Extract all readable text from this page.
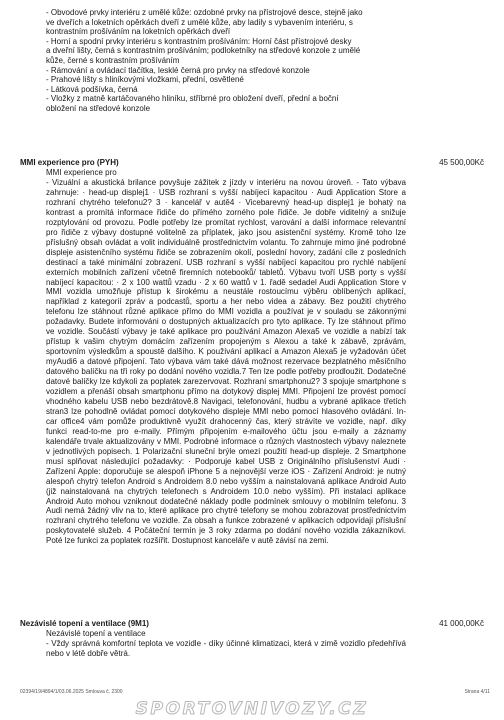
- Obvodové prvky interiéru z umělé kůže: ozdobné prvky na přístrojové desce, stejně jako
ve dveřích a loketních opěrkách dveří z umělé kůže, aby ladily s vybavením interiéru, s
kontrastním prošíváním na loketních opěrkách dveří
- Horní a spodní prvky interiéru s kontrastním prošíváním: Horní část přístrojové desky
a dveřní lišty, černá s kontrastním prošíváním; podloketníky na středové konzole z umělé
kůže, černé s kontrastním prošíváním
- Rámování a ovládací tlačítka, lesklé černá pro prvky na středové konzole
- Prahové lišty s hliníkovými vložkami, přední, osvětlené
- Látková podšívka, černá
- Vložky z matně kartáčovaného hliníku, stříbrné pro obložení dveří, přední a boční
obložení na středové konzole
MMI experience pro (PYH)	45 500,00Kč
MMI experience pro
- Vizuální a akustická brilance povyšuje zážitek z jízdy v interiéru na novou úroveň. - Tato výbava zahrnuje: · head-up displej1 · USB rozhraní s vyšší nabíjecí kapacitou · Audi Application Store a rozhraní chytrého telefonu2? 3 · kancelář v autě4 · Vicebarevný head-up displej1 je bohatý na kontrast a promítá informace řidiče do přímého zorného pole řidiče. Je dobře viditelný a snižuje rozptylování od provozu. Podle potřeby lze promítat rychlost, varování a další informace relevantní pro řidiče z výbavy dostupné volitelně za příplatek, jako jsou asistenční systémy. Kromě toho lze příslušný obsah ovládat a volit individuálně prostřednictvím volantu. To zahrnuje mimo jiné podrobné displeje asistenčního systému řidiče se zobrazením okolí, poslední hovory, zadání cíle z posledních destinací a také minimální zobrazení. USB rozhraní s vyšší nabíjecí kapacitou pro rychlé nabíjení externích mobilních zařízení včetně firemních notebooků/ tabletů. Výbavu tvoří USB porty s vyšší nabíjecí kapacitou: · 2 x 100 wattů vzadu · 2 x 60 wattů v 1. řadě sedadel Audi Application Store v MMI vozidla umožňuje přístup k širokému a neustále rostoucímu výběru oblíbených aplikací, například z kategorií zpráv a podcastů, sportu a her nebo videa a zábavy. Bez použití chytrého telefonu lze stáhnout různé aplikace přímo do MMI vozidla a používat je v souladu se zákonnými požadavky. Budete informováni o dostupných aktualizacích pro tyto aplikace. Ty lze stáhnout přímo ve vozidle. Součástí výbavy je také aplikace pro používání Amazon Alexa5 ve vozidle a nabízí tak přístup k vašim chytrým domácím zařízením propojeným s Alexou a také k zábavě, zprávám, sportovním výsledkům a spoustě dalšího. K používání aplikací a Amazon Alexa5 je vyžadován účet myAudi6 a datové připojení. Tato výbava vám také dává možnost rezervace bezplatného měsíčního datového balíčku na tři roky po dodání nového vozidla.7 Ten lze podle potřeby prodloužit. Dodatečné datové balíčky lze kdykoli za poplatek zarezervovat. Rozhraní smartphonu2? 3 spojuje smartphone s vozidlem a přenáší obsah smartphonu přímo na dotykový displej MMI. Připojení lze provést pomocí vhodného kabelu USB nebo bezdrátově.8 Navigaci, telefonování, hudbu a vybrané aplikace třetích stran3 lze pohodlně ovládat pomocí dotykového displeje MMI nebo pomocí hlasového ovládání. In-car office4 vám pomůže produktivně využít drahocenný čas, který strávíte ve vozidle, např. díky funkci read-to-me pro e-maily. Přímým připojením e-mailového účtu jsou e-maily a záznamy kalendáře trvale aktualizovány v MMI. Podrobné informace o různých vlastnostech výbavy naleznete v jednotlivých popisech. 1 Polarizační sluneční brýle omezí použití head-up displeje. 2 Smartphone musí splňovat následující požadavky: · Podporuje kabel USB z Originálního příslušenství Audi · Zařízení Apple: doporučuje se alespoň iPhone 5 a nejnovější verze iOS · Zařízení Android: je nutný alespoň chytrý telefon Android s Androidem 8.0 nebo vyšším a nainstalovaná aplikace Android Auto (již nainstalovaná na chytrých telefonech s Androidem 10.0 nebo vyšším). Při instalaci aplikace Android Auto mohou vzniknout dodatečné náklady podle podmínek smlouvy o mobilním telefonu. 3 Audi nemá žádný vliv na to, které aplikace pro chytré telefony se mohou zobrazovat prostřednictvím rozhraní chytrého telefonu ve vozidle. Za obsah a funkce zobrazené v aplikacích odpovídají příslušní poskytovatelé služeb. 4 Počáteční termín je 3 roky zdarma po dodání nového vozidla zákazníkovi. Poté lze funkci za poplatek rozšířit. Dostupnost kanceláře v autě závisí na zemi.
Nezávislé topení a ventilace (9M1)	41 000,00Kč
Nezávislé topení a ventilace
- Vždy správná komfortní teplota ve vozidle - díky účinné klimatizaci, která v zimě vozidlo předehřívá nebo v létě dobře větrá.
02394/19/4894/1/03.06.2025 Smlouva č. 2300	Strana 4/11
SPORTOVNIVOZY.CZ
